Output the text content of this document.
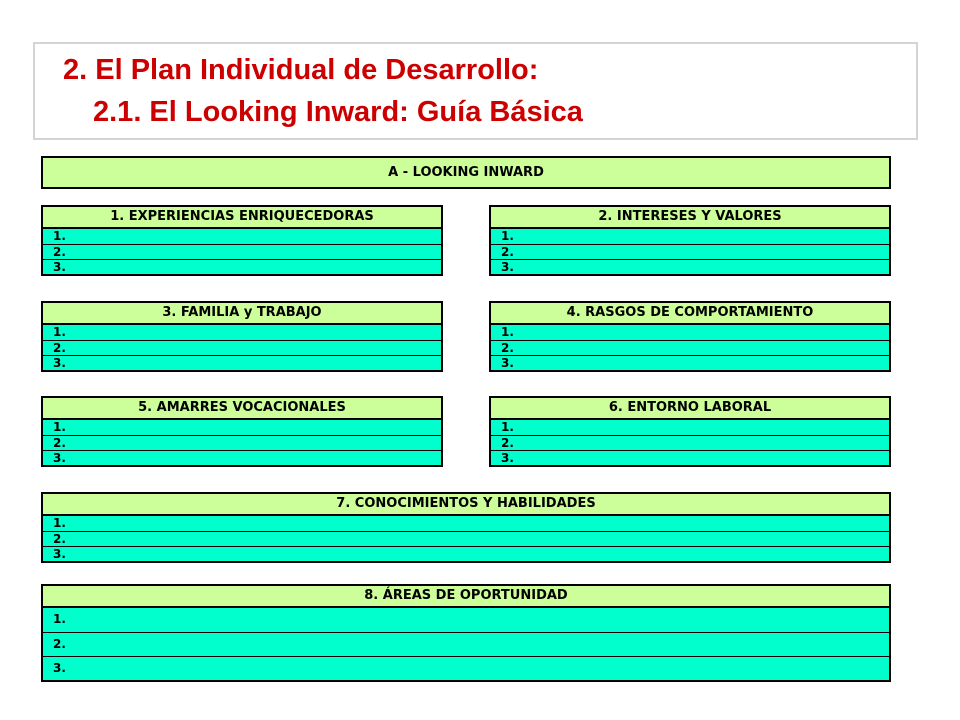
2. El Plan Individual de Desarrollo:
2.1. El Looking Inward: Guía Básica
A - LOOKING INWARD
1. EXPERIENCIAS ENRIQUECEDORAS
1.
2.
3.
2. INTERESES Y VALORES
1.
2.
3.
3. FAMILIA y TRABAJO
1.
2.
3.
4. RASGOS DE COMPORTAMIENTO
1.
2.
3.
5. AMARRES VOCACIONALES
1.
2.
3.
6. ENTORNO LABORAL
1.
2.
3.
7. CONOCIMIENTOS Y HABILIDADES
1.
2.
3.
8. ÁREAS DE OPORTUNIDAD
1.
2.
3.
